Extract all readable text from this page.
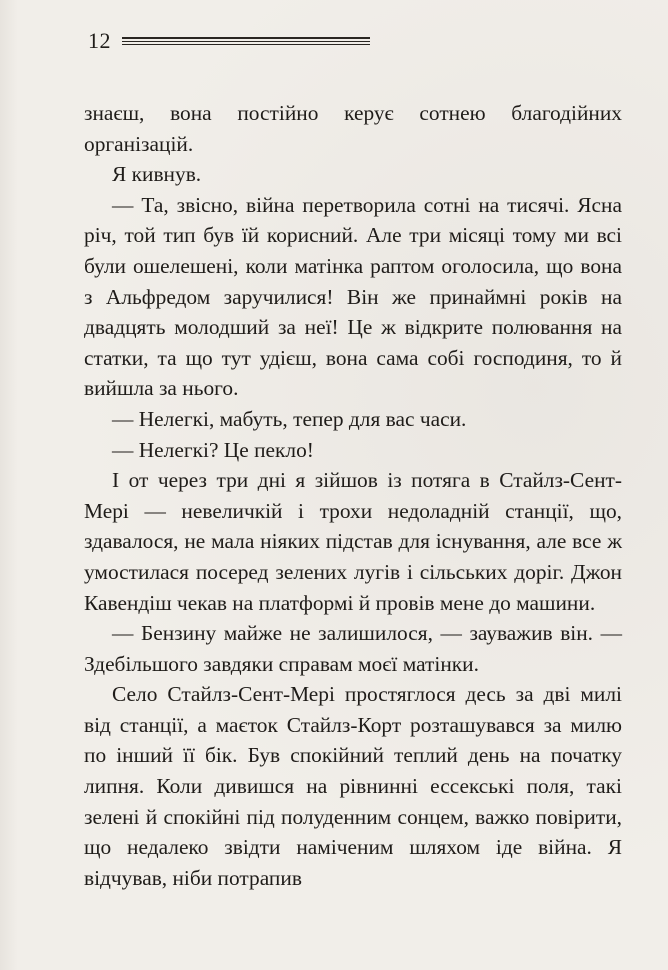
12

знаєш, вона постійно керує сотнею благодійних організацій.

Я кивнув.

— Та, звісно, війна перетворила сотні на тисячі. Ясна річ, той тип був їй корисний. Але три місяці тому ми всі були ошелешені, коли матінка раптом оголосила, що вона з Альфредом заручилися! Він же принаймні років на двадцять молодший за неї! Це ж відкрите полювання на статки, та що тут удієш, вона сама собі господиня, то й вийшла за нього.

— Нелегкі, мабуть, тепер для вас часи.

— Нелегкі? Це пекло!

І от через три дні я зійшов із потяга в Стайлз-Сент-Мері — невеличкій і трохи недоладній станції, що, здавалося, не мала ніяких підстав для існування, але все ж умостилася посеред зелених лугів і сільських доріг. Джон Кавендіш чекав на платформі й провів мене до машини.

— Бензину майже не залишилося, — зауважив він. — Здебільшого завдяки справам моєї матінки.

Село Стайлз-Сент-Мері простяглося десь за дві милі від станції, а маєток Стайлз-Корт розташувався за милю по інший її бік. Був спокійний теплий день на початку липня. Коли дивишся на рівнинні ессекські поля, такі зелені й спокійні під полуденним сонцем, важко повірити, що недалеко звідти наміченим шляхом іде війна. Я відчував, ніби потрапив
